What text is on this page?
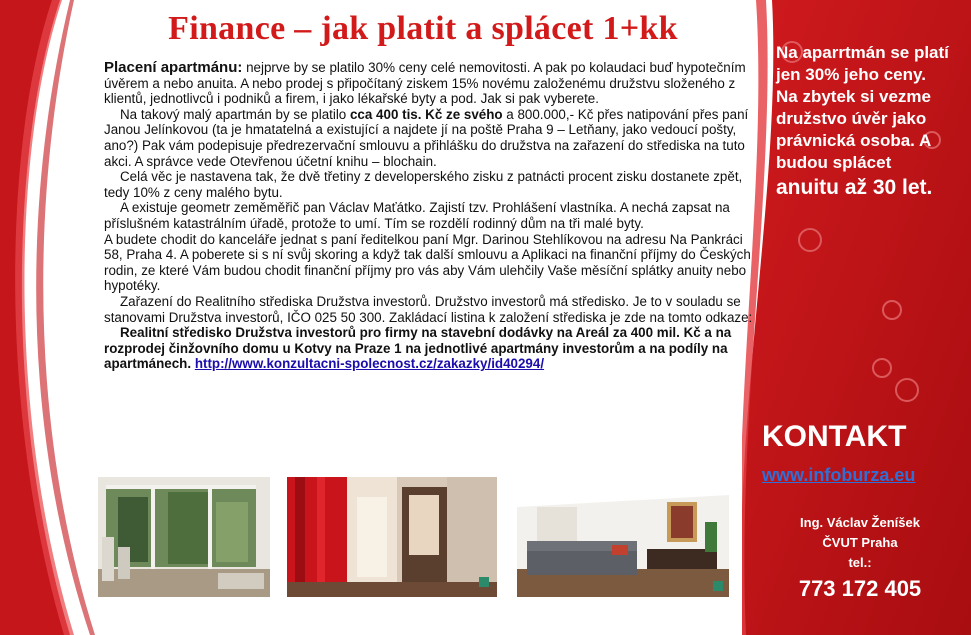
Finance – jak platit a splácet 1+kk

Placení apartmánu: nejprve by se platilo 30% ceny celé nemovitosti. A pak po kolaudaci buď hypotečním úvěrem a nebo anuita. A nebo prodej s připočítaný ziskem 15% novému založenému družstvu složeného z klientů, jednotlivců i podniků a firem, i jako lékařské byty a pod. Jak si pak vyberete.

Na takový malý apartmán by se platilo cca 400 tis. Kč ze svého a 800.000,- Kč přes natipování přes paní Janou Jelínkovou (ta je hmatatelná a existující a najdete jí na poště Praha 9 – Letňany, jako vedoucí pošty, ano?) Pak vám podepisuje předrezervační smlouvu a přihlášku do družstva na zařazení do střediska na tuto akci. A správce vede Otevřenou účetní knihu – blochain.

Celá věc je nastavena tak, že dvě třetiny z developerského zisku z patnácti procent zisku dostanete zpět, tedy 10% z ceny malého bytu.

A existuje geometr zeměměřič pan Václav Maťátko. Zajistí tzv. Prohlášení vlastníka. A nechá zapsat na příslušném katastrálním úřadě, protože to umí. Tím se rozdělí rodinný dům na tři malé byty.

A budete chodit do kanceláře jednat s paní ředitelkou paní Mgr. Darinou Stehlíkovou na adresu Na Pankráci 58, Praha 4. A poberete si s ní svůj skoring a když tak další smlouvu a Aplikaci na finanční příjmy do Českých rodin, ze které Vám budou chodit finanční příjmy pro vás aby Vám ulehčily Vaše měsíční splátky anuity nebo hypotéky.

Zařazení do Realitního střediska Družstva investorů. Družstvo investorů má středisko. Je to v souladu se stanovami Družstva investorů, IČO 025 50 300. Zakládací listina k založení střediska je zde na tomto odkaze:

Realitní středisko Družstva investorů pro firmy na stavební dodávky na Areál za 400 mil. Kč a na rozprodej činžovního domu u Kotvy na Praze 1 na jednotlivé apartmány investorům a na podíly na apartmánech. http://www.konzultacni-spolecnost.cz/zakazky/id40294/

Na aparrtmán se platí jen 30% jeho ceny.
Na zbytek si vezme družstvo úvěr jako právnická osoba. A budou splácet
anuitu až 30 let.
KONTAKT
www.infoburza.eu
Ing. Václav Ženíšek
ČVUT Praha
tel.:
773 172 405
